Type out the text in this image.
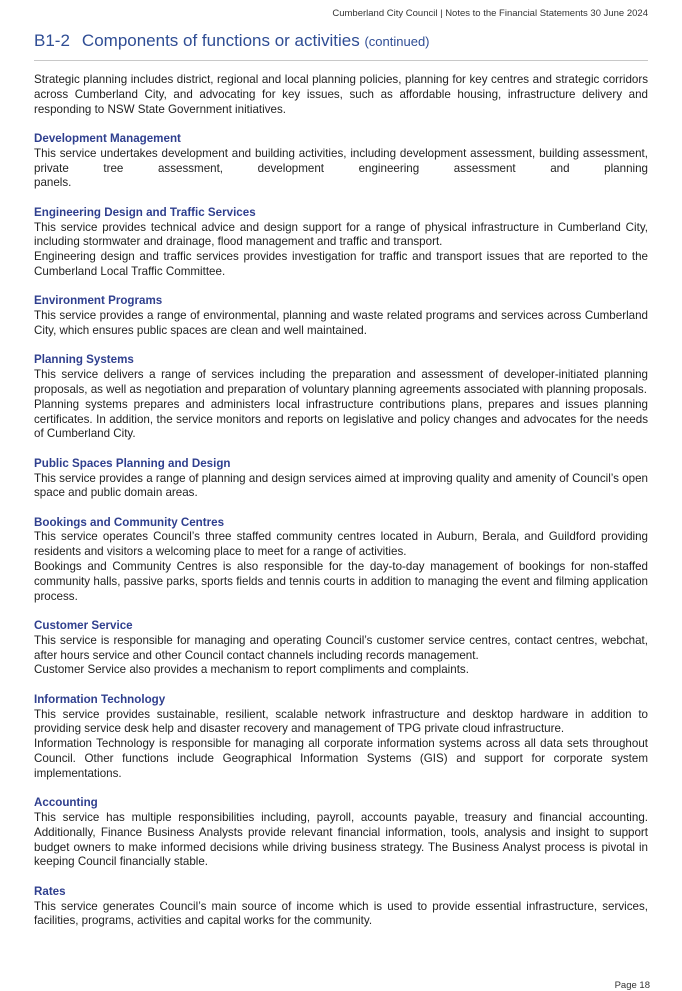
Cumberland City Council | Notes to the Financial Statements 30 June 2024
B1-2 Components of functions or activities (continued)

Strategic planning includes district, regional and local planning policies, planning for key centres and strategic corridors across Cumberland City, and advocating for key issues, such as affordable housing, infrastructure delivery and responding to NSW State Government initiatives.

Development Management

This service undertakes development and building activities, including development assessment, building assessment, private tree assessment, development engineering assessment and planning

panels.

Engineering Design and Traffic Services

This service provides technical advice and design support for a range of physical infrastructure in Cumberland City, including stormwater and drainage, flood management and traffic and transport.

Engineering design and traffic services provides investigation for traffic and transport issues that are reported to the Cumberland Local Traffic Committee.

Environment Programs

This service provides a range of environmental, planning and waste related programs and services across Cumberland City, which ensures public spaces are clean and well maintained.

Planning Systems

This service delivers a range of services including the preparation and assessment of developer-initiated planning proposals, as well as negotiation and preparation of voluntary planning agreements associated with planning proposals.

Planning systems prepares and administers local infrastructure contributions plans, prepares and issues planning certificates. In addition, the service monitors and reports on legislative and policy changes and advocates for the needs of Cumberland City.

Public Spaces Planning and Design

This service provides a range of planning and design services aimed at improving quality and amenity of Council’s open space and public domain areas.

Bookings and Community Centres

This service operates Council’s three staffed community centres located in Auburn, Berala, and Guildford providing residents and visitors a welcoming place to meet for a range of activities.

Bookings and Community Centres is also responsible for the day-to-day management of bookings for non-staffed community halls, passive parks, sports fields and tennis courts in addition to managing the event and filming application process.

Customer Service

This service is responsible for managing and operating Council’s customer service centres, contact centres, webchat, after hours service and other Council contact channels including records management.

Customer Service also provides a mechanism to report compliments and complaints.

Information Technology

This service provides sustainable, resilient, scalable network infrastructure and desktop hardware in addition to providing service desk help and disaster recovery and management of TPG private cloud infrastructure.

Information Technology is responsible for managing all corporate information systems across all data sets throughout Council. Other functions include Geographical Information Systems (GIS) and support for corporate system implementations.

Accounting

This service has multiple responsibilities including, payroll, accounts payable, treasury and financial accounting. Additionally, Finance Business Analysts provide relevant financial information, tools, analysis and insight to support budget owners to make informed decisions while driving business strategy. The Business Analyst process is pivotal in keeping Council financially stable.

Rates

This service generates Council’s main source of income which is used to provide essential infrastructure, services, facilities, programs, activities and capital works for the community.

Page 18
